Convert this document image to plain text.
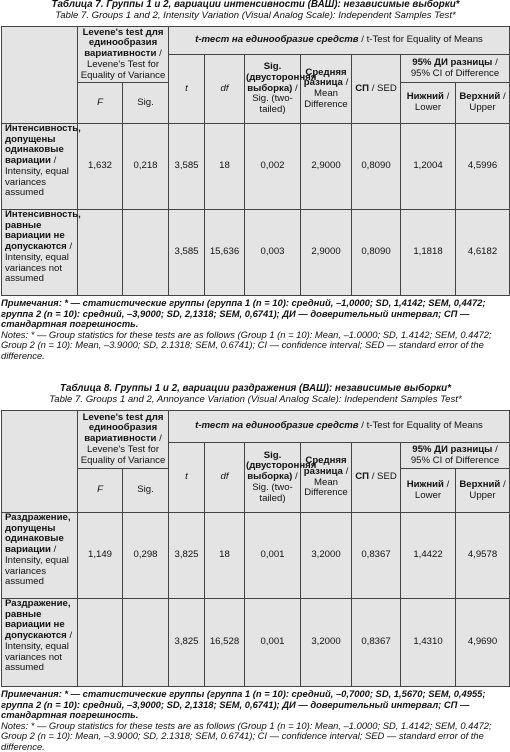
Таблица 7. Группы 1 и 2, вариации интенсивности (ВАШ): независимые выборки*
Table 7. Groups 1 and 2, Intensity Variation (Visual Analog Scale): Independent Samples Test*
	Levene's test для единообразия вариативности / Levene's Test for Equality of Variance		t-тест на единообразие средств / t-Test for Equality of Means						
			t	df	Sig. (двусторонняя выборка) / Sig. (two-tailed)	Средняя разница / Mean Difference	СП / SED	95% ДИ разницы / 95% CI of Difference	
	F	Sig.						Нижний / Lower	Верхний / Upper
Интенсивность, допущены одинаковые вариации / Intensity, equal variances assumed	1,632	0,218	3,585	18	0,002	2,9000	0,8090	1,2004	4,5996
Интенсивность, равные вариации не допускаются / Intensity, equal variances not assumed			3,585	15,636	0,003	2,9000	0,8090	1,1818	4,6182
Примечания: * — статистические группы (группа 1 (n = 10): средний, –1,0000; SD, 1,4142; SEM, 0,4472; группа 2 (n = 10): средний, –3,9000; SD, 2,1318; SEM, 0,6741); ДИ — доверительный интервал; СП — стандартная погрешность.
Notes: * — Group statistics for these tests are as follows (Group 1 (n = 10): Mean, –1.0000; SD, 1.4142; SEM, 0.4472; Group 2 (n = 10): Mean, –3.9000; SD, 2.1318; SEM, 0.6741); CI — confidence interval; SED — standard error of the difference.
Таблица 8. Группы 1 и 2, вариации раздражения (ВАШ): независимые выборки*
Table 7. Groups 1 and 2, Annoyance Variation (Visual Analog Scale): Independent Samples Test*
	Levene's test для единообразия вариативности / Levene's Test for Equality of Variance		t-тест на единообразие средств / t-Test for Equality of Means						
			t	df	Sig. (двусторонняя выборка) / Sig. (two-tailed)	Средняя разница / Mean Difference	СП / SED	95% ДИ разницы / 95% CI of Difference	
	F	Sig.						Нижний / Lower	Верхний / Upper
Раздражение, допущены одинаковые вариации / Intensity, equal variances assumed	1,149	0,298	3,825	18	0,001	3,2000	0,8367	1,4422	4,9578
Раздражение, равные вариации не допускаются / Intensity, equal variances not assumed			3,825	16,528	0,001	3,2000	0,8367	1,4310	4,9690
Примечания: * — статистические группы (группа 1 (n = 10): средний, –0,7000; SD, 1,5670; SEM, 0,4955; группа 2 (n = 10): средний, –3,9000; SD, 2,1318; SEM, 0,6741); ДИ — доверительный интервал; СП — стандартная погрешность.
Notes: * — Group statistics for these tests are as follows (Group 1 (n = 10): Mean, –1.0000; SD, 1.4142; SEM, 0.4472; Group 2 (n = 10): Mean, –3.9000; SD, 2.1318; SEM, 0.6741); CI — confidence interval; SED — standard error of the difference.
